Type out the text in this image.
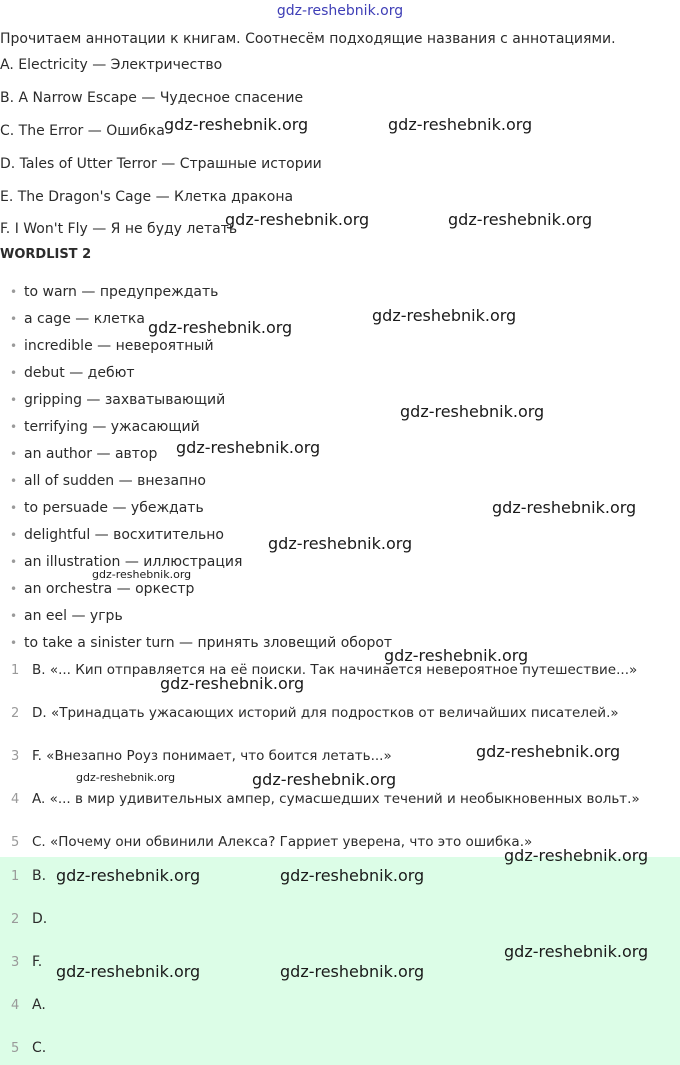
gdz-reshebnik.org
Прочитаем аннотации к книгам. Соотнесём подходящие названия с аннотациями.
A. Electricity — Электричество
B. A Narrow Escape — Чудесное спасение
C. The Error — Ошибка
D. Tales of Utter Terror — Страшные истории
E. The Dragon's Cage — Клетка дракона
F. I Won't Fly — Я не буду летать
WORDLIST 2
• to warn — предупреждать
• a cage — клетка
• incredible — невероятный
• debut — дебют
• gripping — захватывающий
• terrifying — ужасающий
• an author — автор
• all of sudden — внезапно
• to persuade — убеждать
• delightful — восхитительно
• an illustration — иллюстрация
• an orchestra — оркестр
• an eel — угрь
• to take a sinister turn — принять зловещий оборот
1 B. «... Кип отправляется на её поиски. Так начинается невероятное путешествие...»
2 D. «Тринадцать ужасающих историй для подростков от величайших писателей.»
3 F. «Внезапно Роуз понимает, что боится летать...»
4 A. «... в мир удивительных ампер, сумасшедших течений и необыкновенных вольт.»
5 C. «Почему они обвинили Алекса? Гарриет уверена, что это ошибка.»
1 B.
2 D.
3 F.
4 A.
5 C.
gdz-reshebnik.org	gdz-reshebnik.org
gdz-reshebnik.org	gdz-reshebnik.org
gdz-reshebnik.org
gdz-reshebnik.org
gdz-reshebnik.org
gdz-reshebnik.org
gdz-reshebnik.org
gdz-reshebnik.org
gdz-reshebnik.org
gdz-reshebnik.org
gdz-reshebnik.org
gdz-reshebnik.org
gdz-reshebnik.org	gdz-reshebnik.org
gdz-reshebnik.org
gdz-reshebnik.org	gdz-reshebnik.org
gdz-reshebnik.org
gdz-reshebnik.org	gdz-reshebnik.org
